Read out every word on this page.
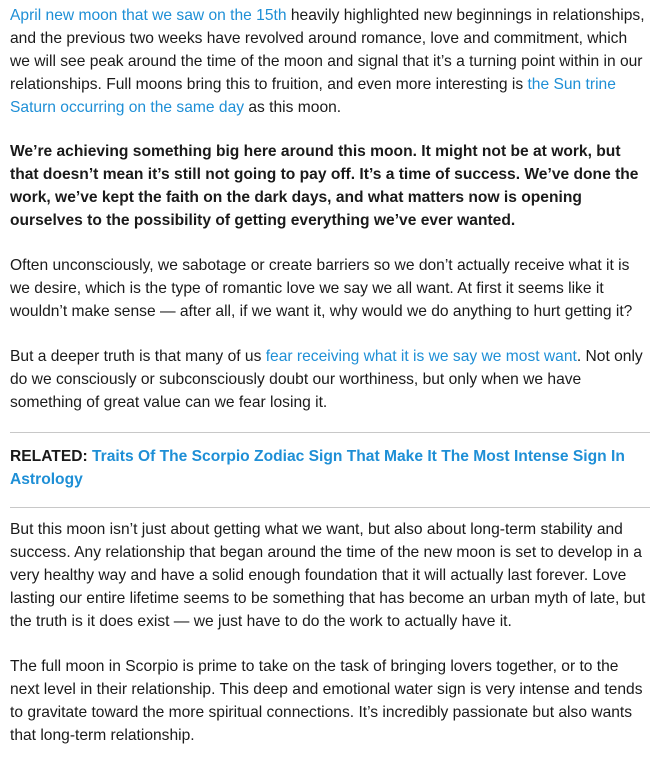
April new moon that we saw on the 15th heavily highlighted new beginnings in relationships, and the previous two weeks have revolved around romance, love and commitment, which we will see peak around the time of the moon and signal that it’s a turning point within in our relationships. Full moons bring this to fruition, and even more interesting is the Sun trine Saturn occurring on the same day as this moon.

We’re achieving something big here around this moon. It might not be at work, but that doesn’t mean it’s still not going to pay off. It’s a time of success. We’ve done the work, we’ve kept the faith on the dark days, and what matters now is opening ourselves to the possibility of getting everything we’ve ever wanted.

Often unconsciously, we sabotage or create barriers so we don’t actually receive what it is we desire, which is the type of romantic love we say we all want. At first it seems like it wouldn’t make sense — after all, if we want it, why would we do anything to hurt getting it?

But a deeper truth is that many of us fear receiving what it is we say we most want. Not only do we consciously or subconsciously doubt our worthiness, but only when we have something of great value can we fear losing it.

RELATED: Traits Of The Scorpio Zodiac Sign That Make It The Most Intense Sign In Astrology

But this moon isn’t just about getting what we want, but also about long-term stability and success. Any relationship that began around the time of the new moon is set to develop in a very healthy way and have a solid enough foundation that it will actually last forever. Love lasting our entire lifetime seems to be something that has become an urban myth of late, but the truth is it does exist — we just have to do the work to actually have it.

The full moon in Scorpio is prime to take on the task of bringing lovers together, or to the next level in their relationship. This deep and emotional water sign is very intense and tends to gravitate toward the more spiritual connections. It’s incredibly passionate but also wants that long-term relationship.
